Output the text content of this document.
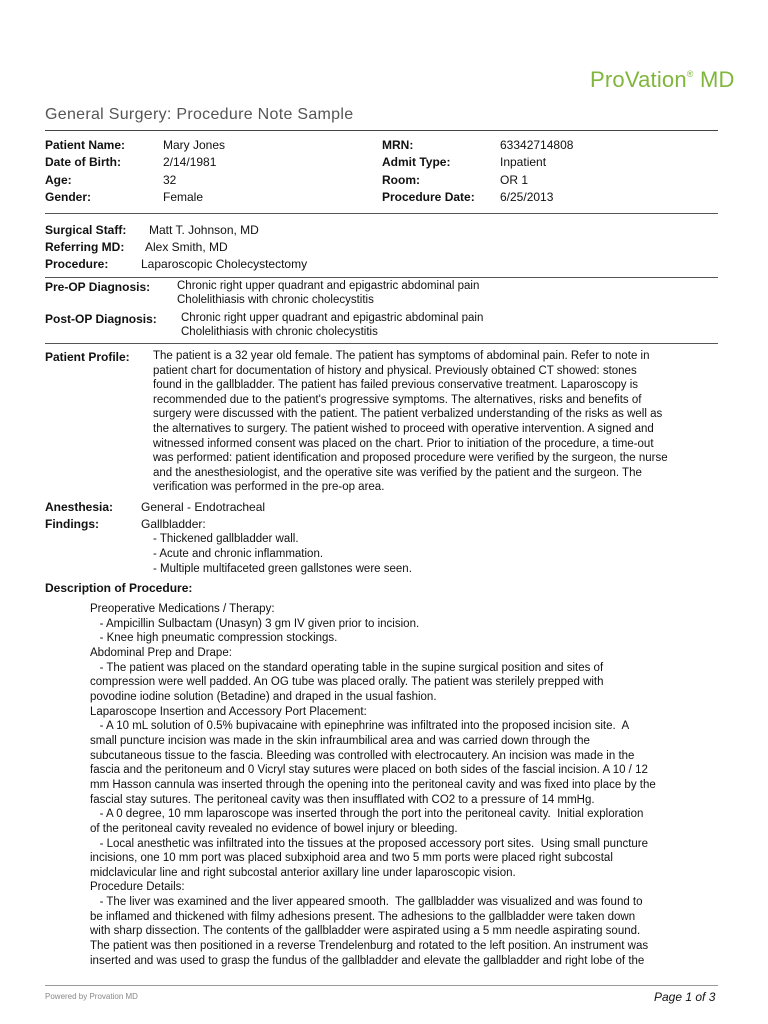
ProVation® MD
General Surgery: Procedure Note Sample
Patient Name:	Mary Jones
Date of Birth:	2/14/1981
Age:	32
Gender:	Female
MRN:	63342714808
Admit Type:	Inpatient
Room:	OR 1
Procedure Date: 6/25/2013
Surgical Staff: Matt T. Johnson, MD
Referring MD: Alex Smith, MD
Procedure:	Laparoscopic Cholecystectomy
Pre-OP Diagnosis: Chronic right upper quadrant and epigastric abdominal pain
Cholelithiasis with chronic cholecystitis
Post-OP Diagnosis: Chronic right upper quadrant and epigastric abdominal pain
Cholelithiasis with chronic cholecystitis
Patient Profile: The patient is a 32 year old female. The patient has symptoms of abdominal pain. Refer to note in
patient chart for documentation of history and physical. Previously obtained CT showed: stones
found in the gallbladder. The patient has failed previous conservative treatment. Laparoscopy is
recommended due to the patient's progressive symptoms. The alternatives, risks and benefits of
surgery were discussed with the patient. The patient verbalized understanding of the risks as well as
the alternatives to surgery. The patient wished to proceed with operative intervention. A signed and
witnessed informed consent was placed on the chart. Prior to initiation of the procedure, a time-out
was performed: patient identification and proposed procedure were verified by the surgeon, the nurse
and the anesthesiologist, and the operative site was verified by the patient and the surgeon. The
verification was performed in the pre-op area.
Anesthesia: General - Endotracheal
Findings:	Gallbladder:
- Thickened gallbladder wall.
- Acute and chronic inflammation.
- Multiple multifaceted green gallstones were seen.
Description of Procedure:
Preoperative Medications / Therapy:
- Ampicillin Sulbactam (Unasyn) 3 gm IV given prior to incision.
- Knee high pneumatic compression stockings.
Abdominal Prep and Drape:
- The patient was placed on the standard operating table in the supine surgical position and sites of
compression were well padded. An OG tube was placed orally. The patient was sterilely prepped with
povodine iodine solution (Betadine) and draped in the usual fashion.
Laparoscope Insertion and Accessory Port Placement:
- A 10 mL solution of 0.5% bupivacaine with epinephrine was infiltrated into the proposed incision site.  A
small puncture incision was made in the skin infraumbilical area and was carried down through the
subcutaneous tissue to the fascia. Bleeding was controlled with electrocautery. An incision was made in the
fascia and the peritoneum and 0 Vicryl stay sutures were placed on both sides of the fascial incision. A 10 / 12
mm Hasson cannula was inserted through the opening into the peritoneal cavity and was fixed into place by the
fascial stay sutures. The peritoneal cavity was then insufflated with CO2 to a pressure of 14 mmHg.
- A 0 degree, 10 mm laparoscope was inserted through the port into the peritoneal cavity.  Initial exploration
of the peritoneal cavity revealed no evidence of bowel injury or bleeding.
- Local anesthetic was infiltrated into the tissues at the proposed accessory port sites.  Using small puncture
incisions, one 10 mm port was placed subxiphoid area and two 5 mm ports were placed right subcostal
midclavicular line and right subcostal anterior axillary line under laparoscopic vision.
Procedure Details:
- The liver was examined and the liver appeared smooth.  The gallbladder was visualized and was found to
be inflamed and thickened with filmy adhesions present. The adhesions to the gallbladder were taken down
with sharp dissection. The contents of the gallbladder were aspirated using a 5 mm needle aspirating sound.
The patient was then positioned in a reverse Trendelenburg and rotated to the left position. An instrument was
inserted and was used to grasp the fundus of the gallbladder and elevate the gallbladder and right lobe of the
Powered by Provation MD	Page 1 of 3
